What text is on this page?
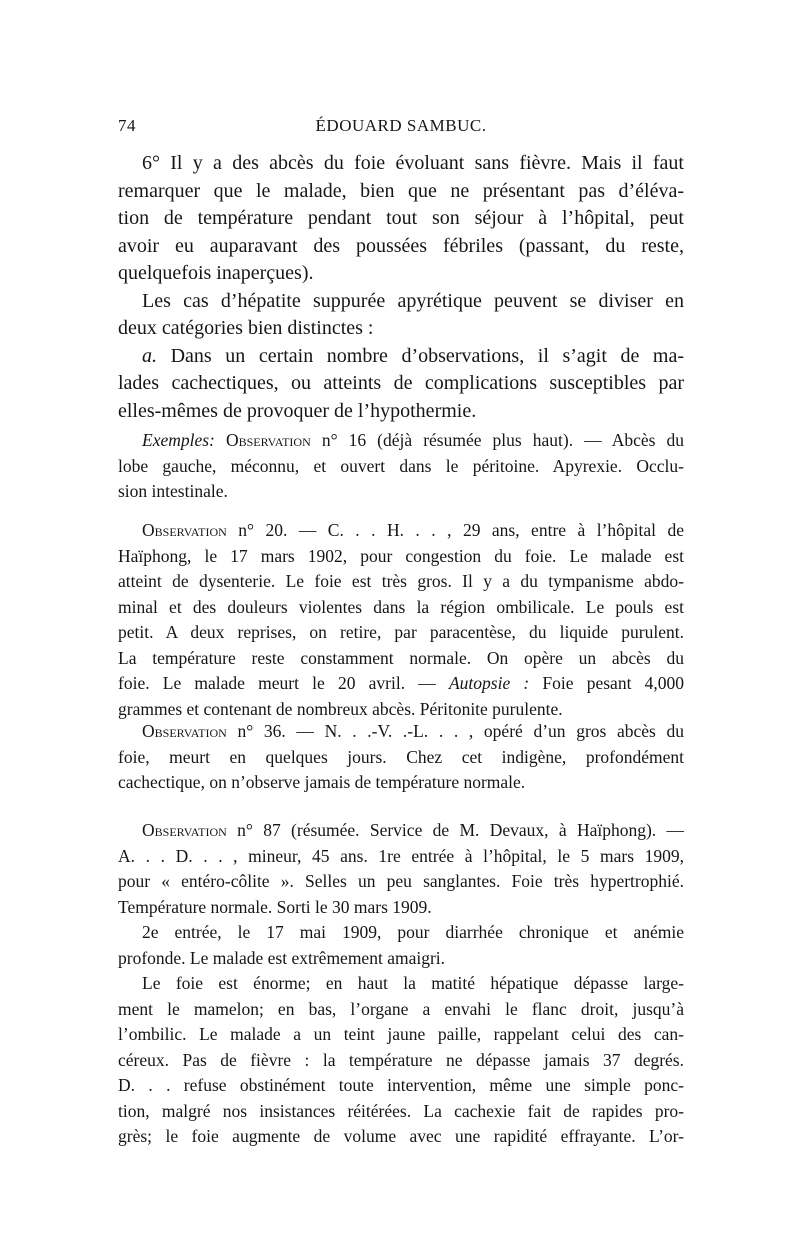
74	ÉDOUARD SAMBUC.

6° Il y a des abcès du foie évoluant sans fièvre. Mais il faut
remarquer que le malade, bien que ne présentant pas d’éléva-
tion de température pendant tout son séjour à l’hôpital, peut
avoir eu auparavant des poussées fébriles (passant, du reste,
quelquefois inaperçues).

Les cas d’hépatite suppurée apyrétique peuvent se diviser en
deux catégories bien distinctes :

a. Dans un certain nombre d’observations, il s’agit de ma-
lades cachectiques, ou atteints de complications susceptibles par
elles-mêmes de provoquer de l’hypothermie.

Exemples: Observation n° 16 (déjà résumée plus haut). — Abcès du
lobe gauche, méconnu, et ouvert dans le péritoine. Apyrexie. Occlu-
sion intestinale.
Observation n° 20. — C. . . H. . . , 29 ans, entre à l’hôpital de
Haïphong, le 17 mars 1902, pour congestion du foie. Le malade est
atteint de dysenterie. Le foie est très gros. Il y a du tympanisme abdo-
minal et des douleurs violentes dans la région ombilicale. Le pouls est
petit. A deux reprises, on retire, par paracentèse, du liquide purulent.
La température reste constamment normale. On opère un abcès du
foie. Le malade meurt le 20 avril. — Autopsie : Foie pesant 4,000
grammes et contenant de nombreux abcès. Péritonite purulente.
Observation n° 36. — N. . .-V. .-L. . . , opéré d’un gros abcès du
foie, meurt en quelques jours. Chez cet indigène, profondément
cachectique, on n’observe jamais de température normale.
Observation n° 87 (résumée. Service de M. Devaux, à Haïphong). —
A. . . D. . . , mineur, 45 ans. 1re entrée à l’hôpital, le 5 mars 1909,
pour « entéro-côlite ». Selles un peu sanglantes. Foie très hypertrophié.
Température normale. Sorti le 30 mars 1909.
2e entrée, le 17 mai 1909, pour diarrhée chronique et anémie
profonde. Le malade est extrêmement amaigri.
Le foie est énorme; en haut la matité hépatique dépasse large-
ment le mamelon; en bas, l’organe a envahi le flanc droit, jusqu’à
l’ombilic. Le malade a un teint jaune paille, rappelant celui des can-
céreux. Pas de fièvre : la température ne dépasse jamais 37 degrés.
D. . . refuse obstinément toute intervention, même une simple ponc-
tion, malgré nos insistances réitérées. La cachexie fait de rapides pro-
grès; le foie augmente de volume avec une rapidité effrayante. L’or-
